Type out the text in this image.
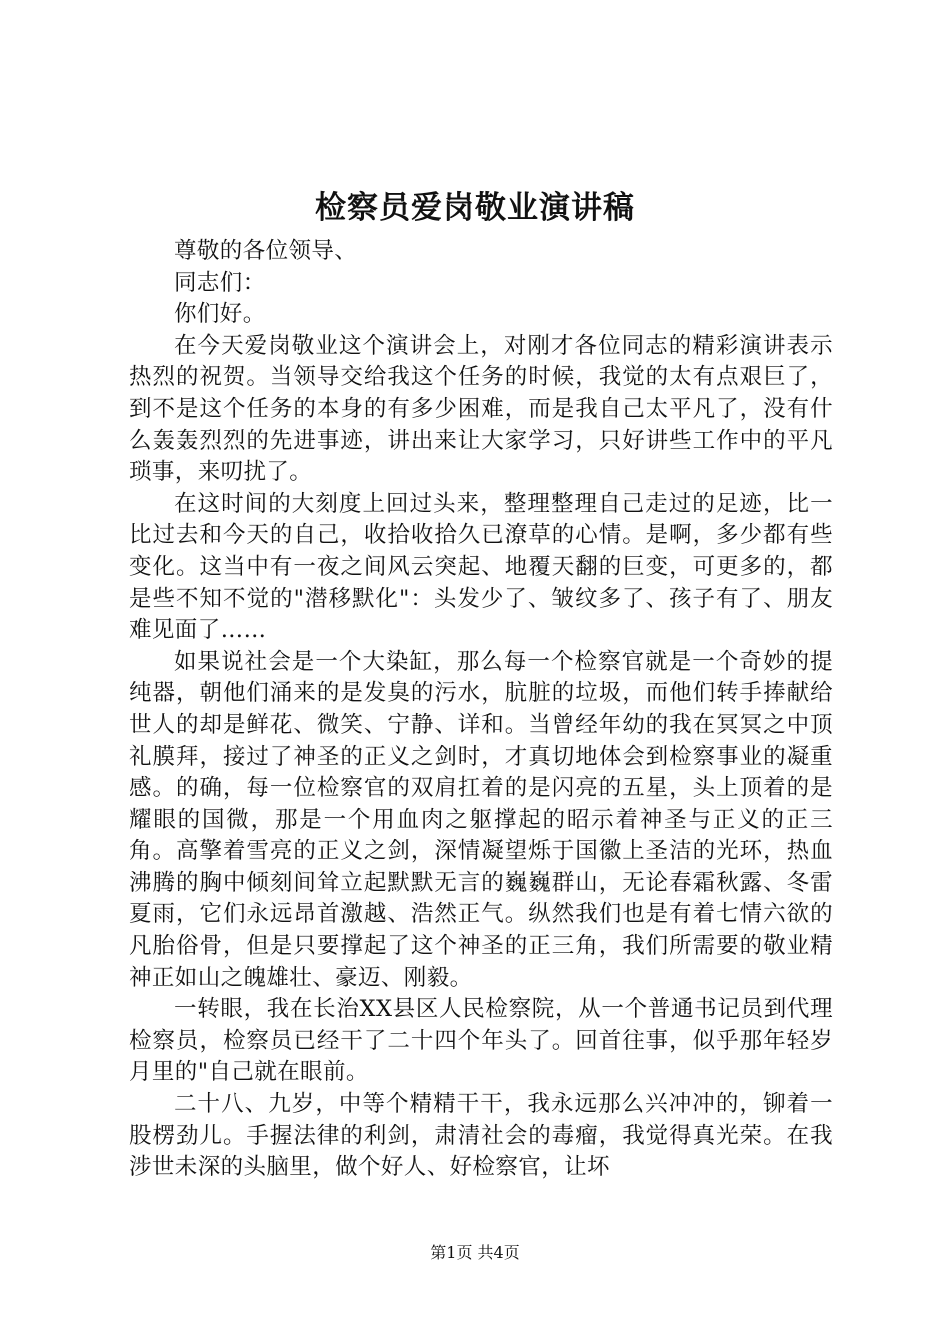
检察员爱岗敬业演讲稿

尊敬的各位领导、

同志们：

你们好。

在今天爱岗敬业这个演讲会上，对刚才各位同志的精彩演讲表示热烈的祝贺。当领导交给我这个任务的时候，我觉的太有点艰巨了，到不是这个任务的本身的有多少困难，而是我自己太平凡了，没有什么轰轰烈烈的先进事迹，讲出来让大家学习，只好讲些工作中的平凡琐事，来叨扰了。

在这时间的大刻度上回过头来，整理整理自己走过的足迹，比一比过去和今天的自己，收拾收拾久已潦草的心情。是啊，多少都有些变化。这当中有一夜之间风云突起、地覆天翻的巨变，可更多的，都是些不知不觉的"潜移默化"：头发少了、皱纹多了、孩子有了、朋友难见面了……

如果说社会是一个大染缸，那么每一个检察官就是一个奇妙的提纯器，朝他们涌来的是发臭的污水，肮脏的垃圾，而他们转手捧献给世人的却是鲜花、微笑、宁静、详和。当曾经年幼的我在冥冥之中顶礼膜拜，接过了神圣的正义之剑时，才真切地体会到检察事业的凝重感。的确，每一位检察官的双肩扛着的是闪亮的五星，头上顶着的是耀眼的国微，那是一个用血肉之躯撑起的昭示着神圣与正义的正三角。高擎着雪亮的正义之剑，深情凝望烁于国徽上圣洁的光环，热血沸腾的胸中倾刻间耸立起默默无言的巍巍群山，无论春霜秋露、冬雷夏雨，它们永远昂首激越、浩然正气。纵然我们也是有着七情六欲的凡胎俗骨，但是只要撑起了这个神圣的正三角，我们所需要的敬业精神正如山之魄雄壮、豪迈、刚毅。

一转眼，我在长治XX县区人民检察院，从一个普通书记员到代理检察员，检察员已经干了二十四个年头了。回首往事，似乎那年轻岁月里的"自己就在眼前。

二十八、九岁，中等个精精干干，我永远那么兴冲冲的，铆着一股楞劲儿。手握法律的利剑，肃清社会的毒瘤，我觉得真光荣。在我涉世未深的头脑里，做个好人、好检察官，让坏

第1页 共4页
